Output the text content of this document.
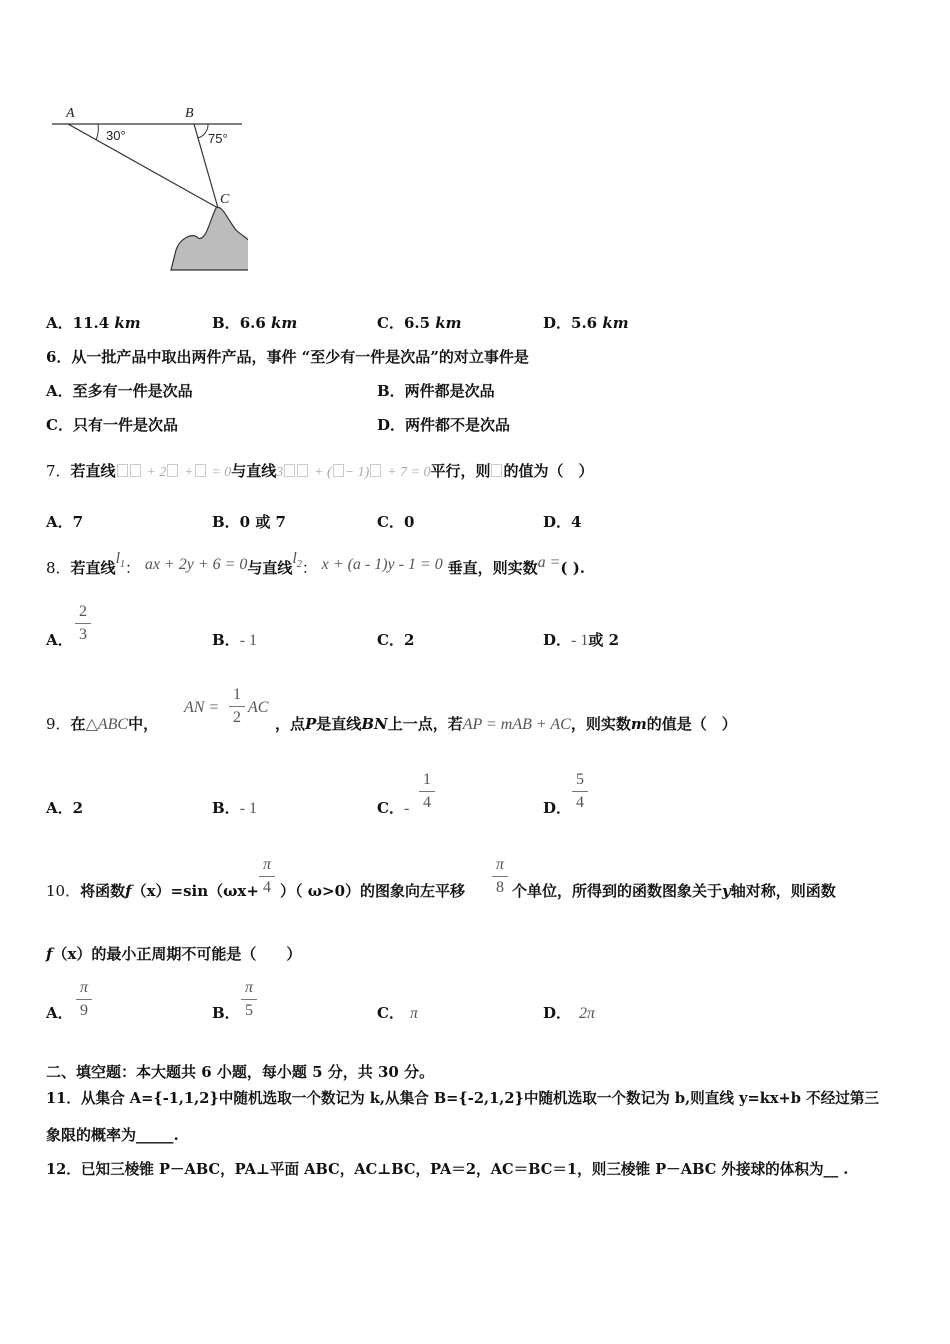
A	B
C
30°	75°
A．11.4 km	B．6.6 km	C．6.5 km	D．5.6 km
6．从一批产品中取出两件产品，事件 “至少有一件是次品”的对立事件是
A．至多有一件是次品	B．两件都是次品
C．只有一件是次品	D．两件都不是次品
7．若直线 + 2 + = 0与直线3 + ( − 1) + 7 = 0平行，则 的值为（　）
A．7	B．0 或 7	C．0	D．4
8．若直线$l_1$： ax + 2y + 6 = 0与直线$l_2$： x + (a - 1)y - 1 = 0 垂直，则实数a =( ).
A．
2
3	B．- 1	C．2	D．- 1或 2
9．在△ABC中，
AN =
1
2
AC
，点P是直线BN上一点，若AP = mAB + AC，则实数m的值是（　）
A．2	B．- 1	C．-
1
4	D．
5
4
10．将函数f（x）=sin（ωx+
π
4 ）（ ω>0）的图象向左平移
π
8 个单位，所得到的函数图象关于y轴对称，则函数
f（x）的最小正周期不可能是（　　）
A．
π
9	B．
π
5	C． π	D． 2π
二、填空题：本大题共 6 小题，每小题 5 分，共 30 分。
11．从集合 A={-1,1,2}中随机选取一个数记为 k,从集合 B={-2,1,2}中随机选取一个数记为 b,则直线 y=kx+b 不经过第三
象限的概率为_____.
12．已知三棱锥 P－ABC，PA⊥平面 ABC，AC⊥BC，PA＝2，AC＝BC＝1，则三棱锥 P－ABC 外接球的体积为__ .
